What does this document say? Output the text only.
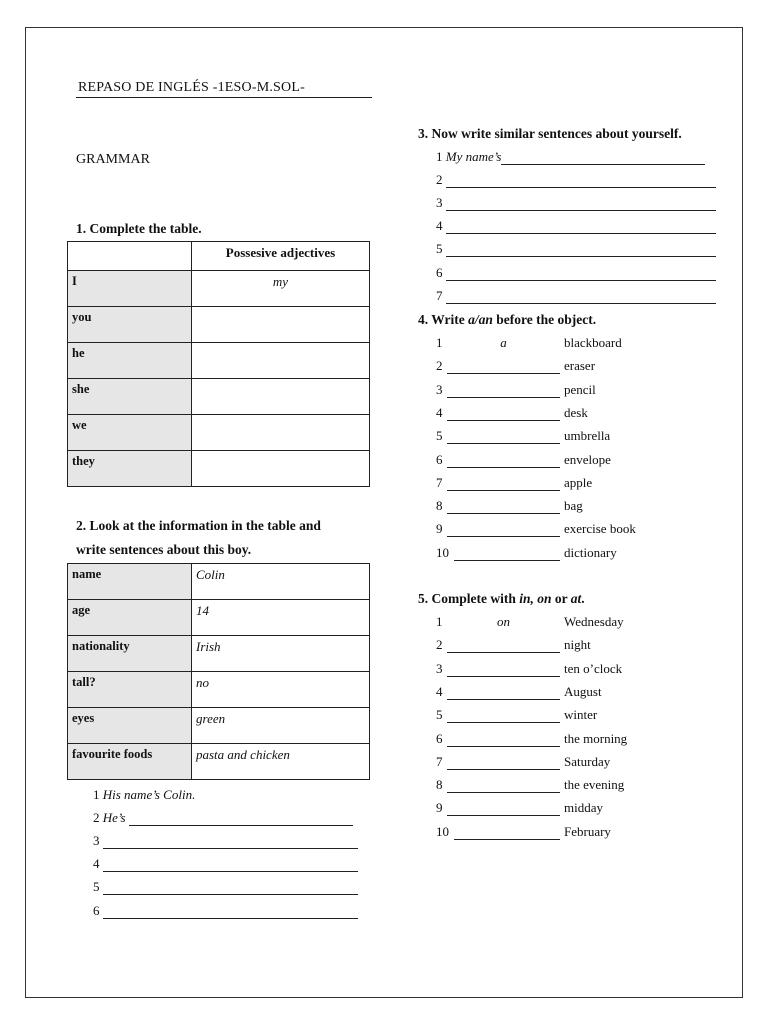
REPASO DE INGLÉS -1ESO-M.SOL-
GRAMMAR
1. Complete the table.
	Possesive adjectives
I	my
you	
he	
she	
we	
they	
2. Look at the information in the table and
write sentences about this boy.
name	Colin
age	14
nationality	Irish
tall?	no
eyes	green
favourite foods	pasta and chicken
1
His name’s Colin.
2
He’s

3

4

5

6

3. Now write similar sentences about yourself.
1
My name’s
2

3

4

5

6

7

4. Write a/an before the object.
1	a	blackboard
2	eraser
3	pencil
4	desk
5	umbrella
6	envelope
7	apple
8	bag
9	exercise book
10	dictionary
5. Complete with in, on or at.
1	on	Wednesday
2	night
3	ten o’clock
4	August
5	winter
6	the morning
7	Saturday
8	the evening
9	midday
10	February
